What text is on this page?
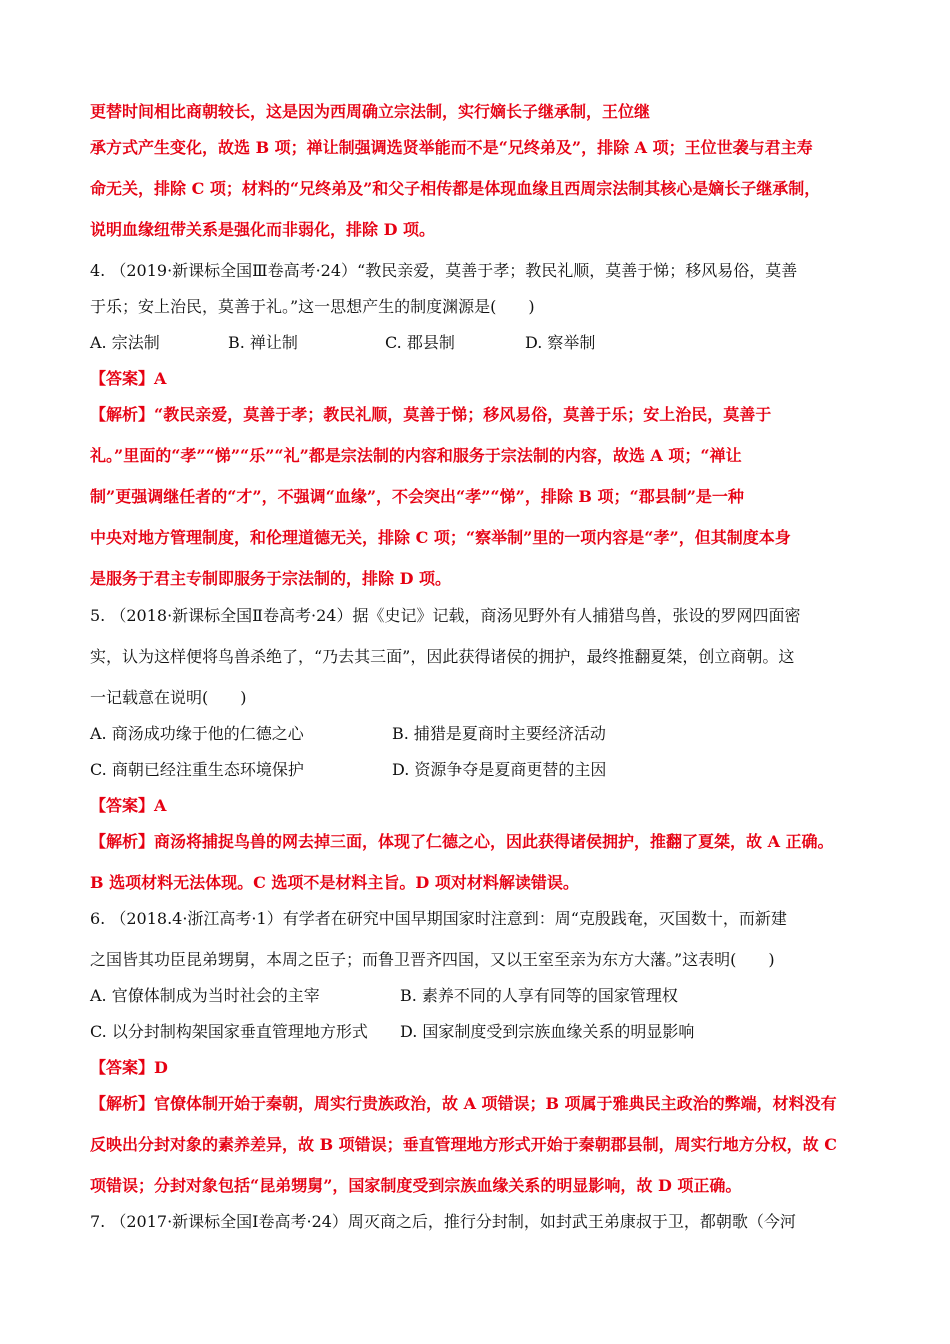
更替时间相比商朝较长，这是因为西周确立宗法制，实行嫡长子继承制，王位继
承方式产生变化，故选 B 项；禅让制强调选贤举能而不是“兄终弟及”，排除 A 项；王位世袭与君主寿
命无关，排除 C 项；材料的“兄终弟及”和父子相传都是体现血缘且西周宗法制其核心是嫡长子继承制，
说明血缘纽带关系是强化而非弱化，排除 D 项。
4. （2019·新课标全国Ⅲ卷高考·24）“教民亲爱，莫善于孝；教民礼顺，莫善于悌；移风易俗，莫善
于乐；安上治民，莫善于礼。”这一思想产生的制度渊源是(　　)
A. 宗法制	B. 禅让制	C. 郡县制	D. 察举制
【答案】A
【解析】“教民亲爱，莫善于孝；教民礼顺，莫善于悌；移风易俗，莫善于乐；安上治民，莫善于
礼。”里面的“孝”“悌”“乐”“礼”都是宗法制的内容和服务于宗法制的内容，故选 A 项；“禅让
制”更强调继任者的“才”，不强调“血缘”，不会突出“孝”“悌”，排除 B 项；“郡县制”是一种
中央对地方管理制度，和伦理道德无关，排除 C 项；“察举制”里的一项内容是“孝”，但其制度本身
是服务于君主专制即服务于宗法制的，排除 D 项。
5. （2018·新课标全国Ⅱ卷高考·24）据《史记》记载，商汤见野外有人捕猎鸟兽，张设的罗网四面密
实，认为这样便将鸟兽杀绝了，“乃去其三面”，因此获得诸侯的拥护，最终推翻夏桀，创立商朝。这
一记载意在说明(　　)
A. 商汤成功缘于他的仁德之心	B. 捕猎是夏商时主要经济活动
C. 商朝已经注重生态环境保护	D. 资源争夺是夏商更替的主因
【答案】A
【解析】商汤将捕捉鸟兽的网去掉三面，体现了仁德之心，因此获得诸侯拥护，推翻了夏桀，故 A 正确。
B 选项材料无法体现。C 选项不是材料主旨。D 项对材料解读错误。
6. （2018.4·浙江高考·1）有学者在研究中国早期国家时注意到：周“克殷践奄，灭国数十，而新建
之国皆其功臣昆弟甥舅，本周之臣子；而鲁卫晋齐四国，又以王室至亲为东方大藩。”这表明(　　)
A. 官僚体制成为当时社会的主宰	B. 素养不同的人享有同等的国家管理权
C. 以分封制构架国家垂直管理地方形式 D. 国家制度受到宗族血缘关系的明显影响
【答案】D
【解析】官僚体制开始于秦朝，周实行贵族政治，故 A 项错误；B 项属于雅典民主政治的弊端，材料没有
反映出分封对象的素养差异，故 B 项错误；垂直管理地方形式开始于秦朝郡县制，周实行地方分权，故 C
项错误；分封对象包括“昆弟甥舅”，国家制度受到宗族血缘关系的明显影响，故 D 项正确。
7. （2017·新课标全国Ⅰ卷高考·24）周灭商之后，推行分封制，如封武王弟康叔于卫，都朝歌（今河
